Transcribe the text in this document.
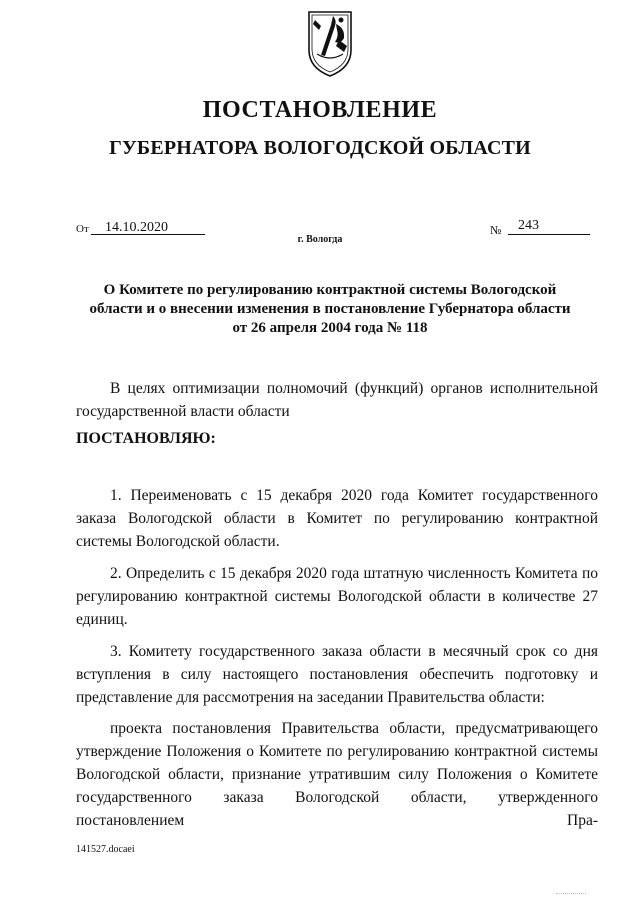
ПОСТАНОВЛЕНИЕ
ГУБЕРНАТОРА ВОЛОГОДСКОЙ ОБЛАСТИ
От 14.10.2020	№ 243
г. Вологда
О Комитете по регулированию контрактной системы Вологодской
области и о внесении изменения в постановление Губернатора области
от 26 апреля 2004 года № 118
В целях оптимизации полномочий (функций) органов исполнительной государственной власти области
ПОСТАНОВЛЯЮ:
1. Переименовать с 15 декабря 2020 года Комитет государственного заказа Вологодской области в Комитет по регулированию контрактной системы Вологодской области.
2. Определить с 15 декабря 2020 года штатную численность Комитета по регулированию контрактной системы Вологодской области в количестве 27 единиц.
3. Комитету государственного заказа области в месячный срок со дня вступления в силу настоящего постановления обеспечить подготовку и представление для рассмотрения на заседании Правительства области:
проекта постановления Правительства области, предусматривающего утверждение Положения о Комитете по регулированию контрактной системы Вологодской области, признание утратившим силу Положения о Комитете государственного заказа Вологодской области, утвержденного постановлением Пра-
141527.docaei
